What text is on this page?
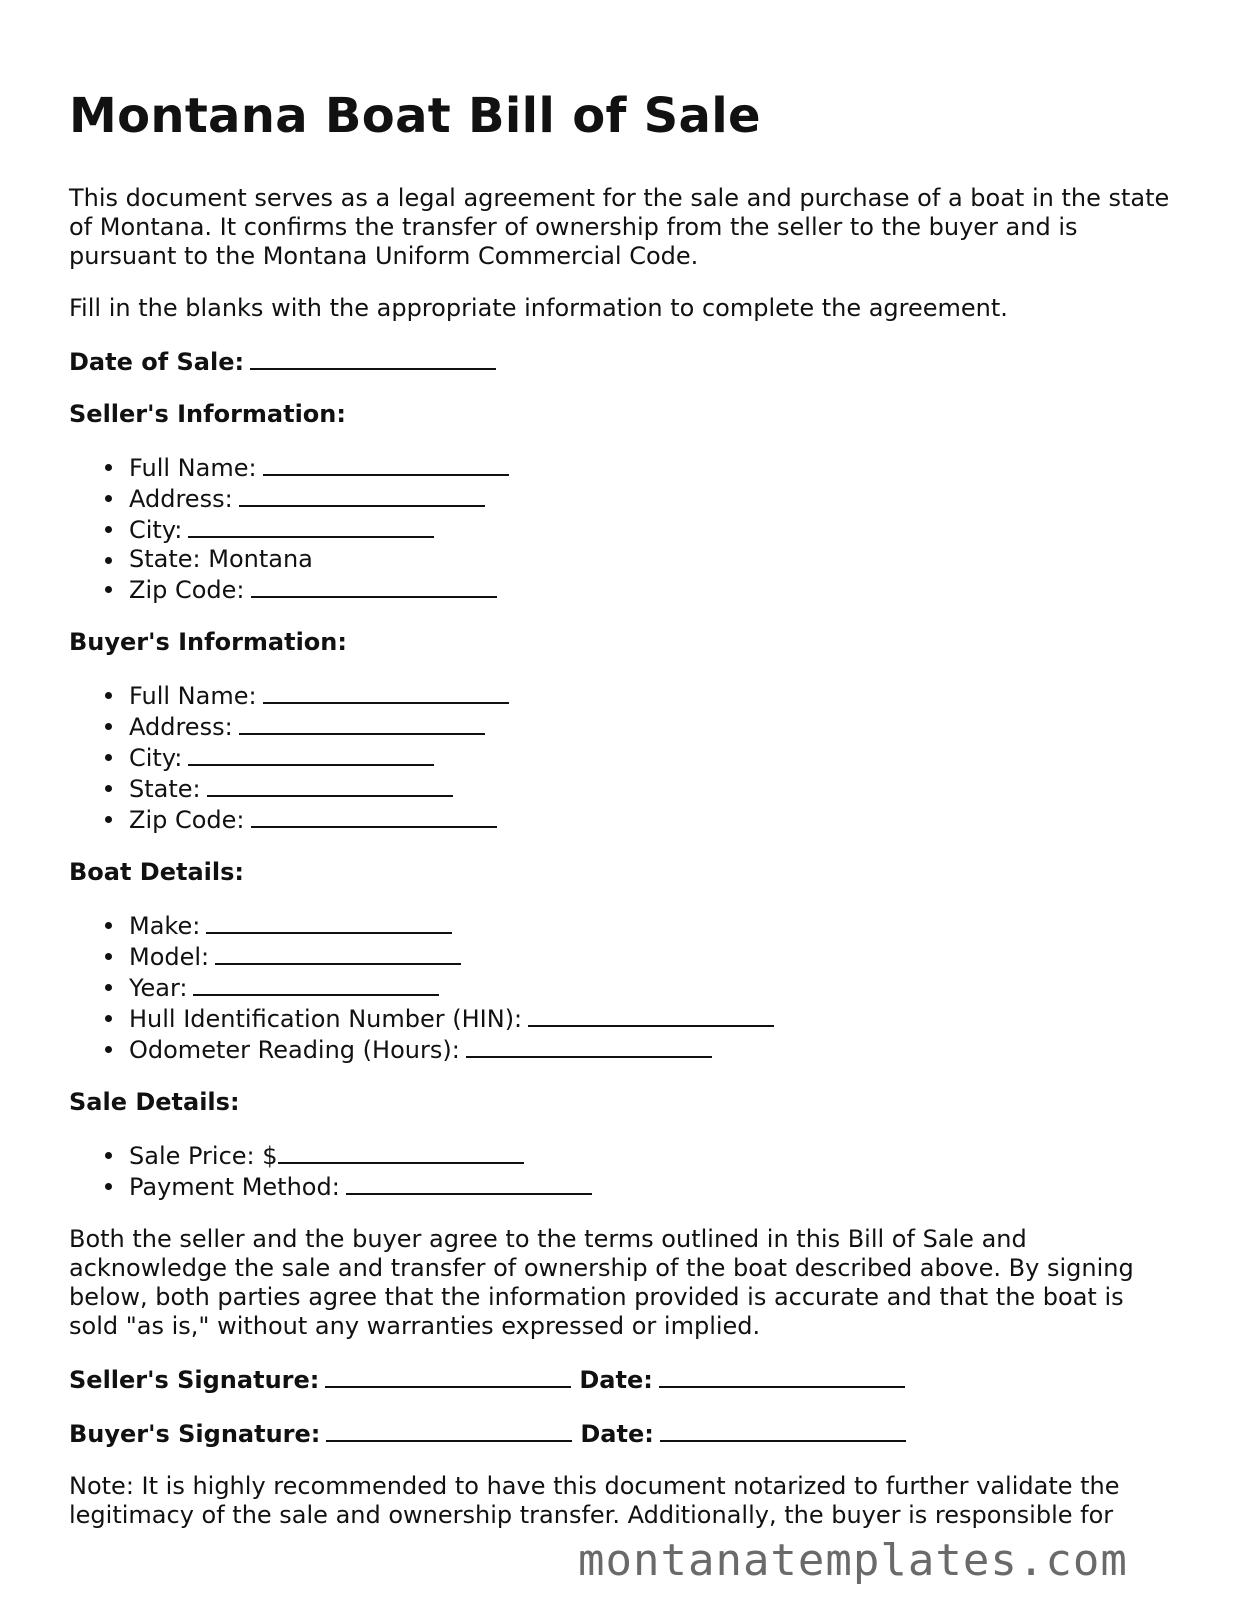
Montana Boat Bill of Sale

This document serves as a legal agreement for the sale and purchase of a boat in the state of Montana. It confirms the transfer of ownership from the seller to the buyer and is pursuant to the Montana Uniform Commercial Code.

Fill in the blanks with the appropriate information to complete the agreement.

Date of Sale:
Seller's Information:
Full Name:
Address:
City:
State: Montana
Zip Code:
Buyer's Information:
Full Name:
Address:
City:
State:
Zip Code:
Boat Details:
Make:
Model:
Year:
Hull Identification Number (HIN):
Odometer Reading (Hours):
Sale Details:
Sale Price: $
Payment Method:

Both the seller and the buyer agree to the terms outlined in this Bill of Sale and acknowledge the sale and transfer of ownership of the boat described above. By signing below, both parties agree that the information provided is accurate and that the boat is sold "as is," without any warranties expressed or implied.

Seller's Signature:	Date:
Buyer's Signature:	Date:

Note: It is highly recommended to have this document notarized to further validate the legitimacy of the sale and ownership transfer. Additionally, the buyer is responsible for

montanatemplates.com
